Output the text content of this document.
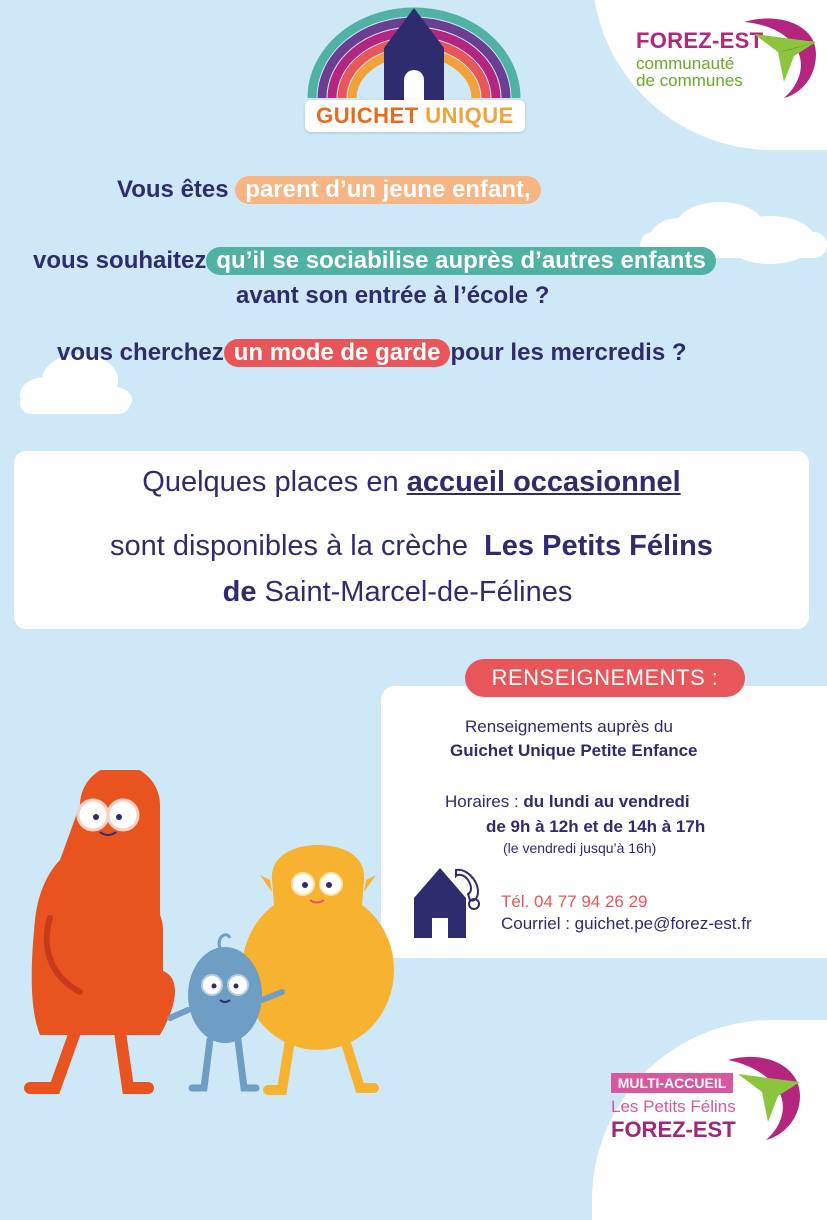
GUICHET UNIQUE
FOREZ-EST
communauté
de communes
Vous êtes parent d’un jeune enfant,
vous souhaitez qu’il se sociabilise auprès d’autres enfants
avant son entrée à l’école ?
vous cherchez un mode de garde pour les mercredis ?
Quelques places en accueil occasionnel
sont disponibles à la crèche Les Petits Félins
de Saint-Marcel-de-Félines
RENSEIGNEMENTS :
Renseignements auprès du
Guichet Unique Petite Enfance
Horaires : du lundi au vendredi
de 9h à 12h et de 14h à 17h
(le vendredi jusqu’à 16h)
Tél. 04 77 94 26 29
Courriel : guichet.pe@forez-est.fr
MULTI-ACCUEIL
Les Petits Félins
FOREZ-EST
